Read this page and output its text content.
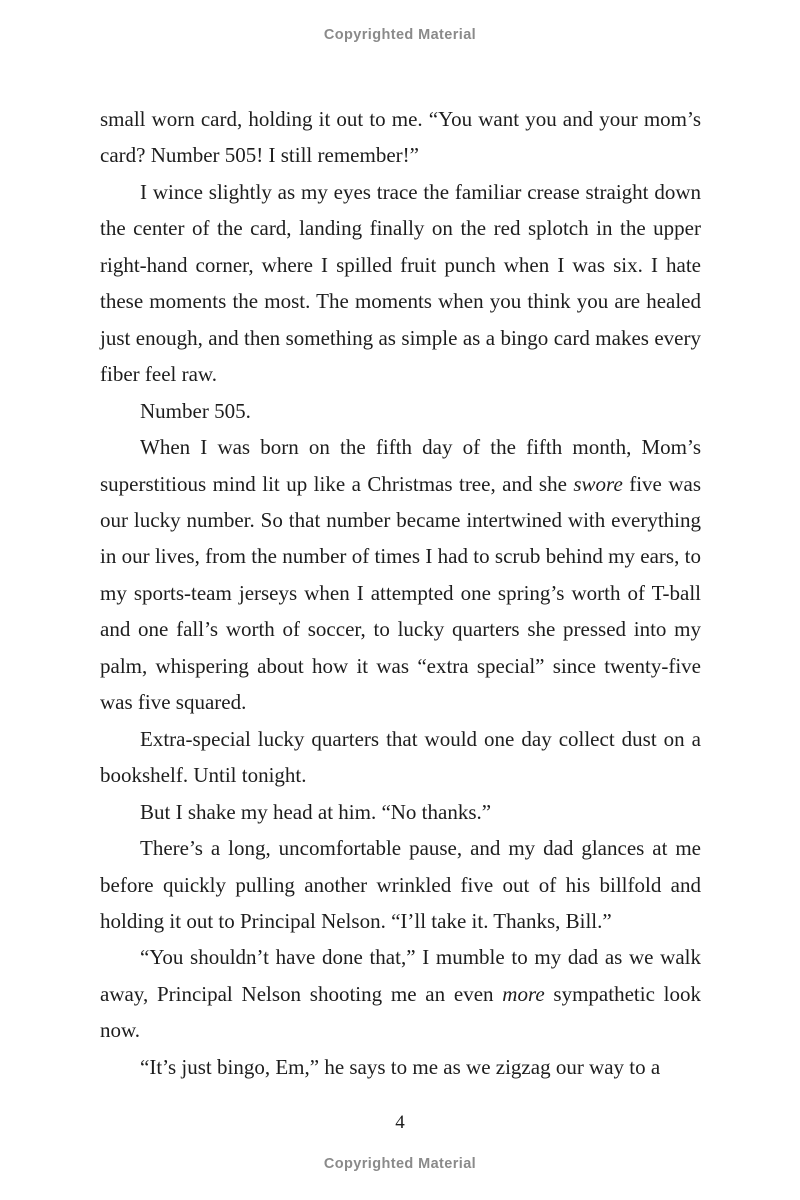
Copyrighted Material

small worn card, holding it out to me. “You want you and your mom’s card? Number 505! I still remember!”

I wince slightly as my eyes trace the familiar crease straight down the center of the card, landing finally on the red splotch in the upper right-hand corner, where I spilled fruit punch when I was six. I hate these moments the most. The moments when you think you are healed just enough, and then something as simple as a bingo card makes every fiber feel raw.

Number 505.

When I was born on the fifth day of the fifth month, Mom’s superstitious mind lit up like a Christmas tree, and she swore five was our lucky number. So that number became intertwined with everything in our lives, from the number of times I had to scrub behind my ears, to my sports-team jerseys when I attempted one spring’s worth of T-ball and one fall’s worth of soccer, to lucky quarters she pressed into my palm, whispering about how it was “extra special” since twenty-five was five squared.

Extra-special lucky quarters that would one day collect dust on a bookshelf. Until tonight.

But I shake my head at him. “No thanks.”

There’s a long, uncomfortable pause, and my dad glances at me before quickly pulling another wrinkled five out of his billfold and holding it out to Principal Nelson. “I’ll take it. Thanks, Bill.”

“You shouldn’t have done that,” I mumble to my dad as we walk away, Principal Nelson shooting me an even more sympathetic look now.

“It’s just bingo, Em,” he says to me as we zigzag our way to a

4
Copyrighted Material
